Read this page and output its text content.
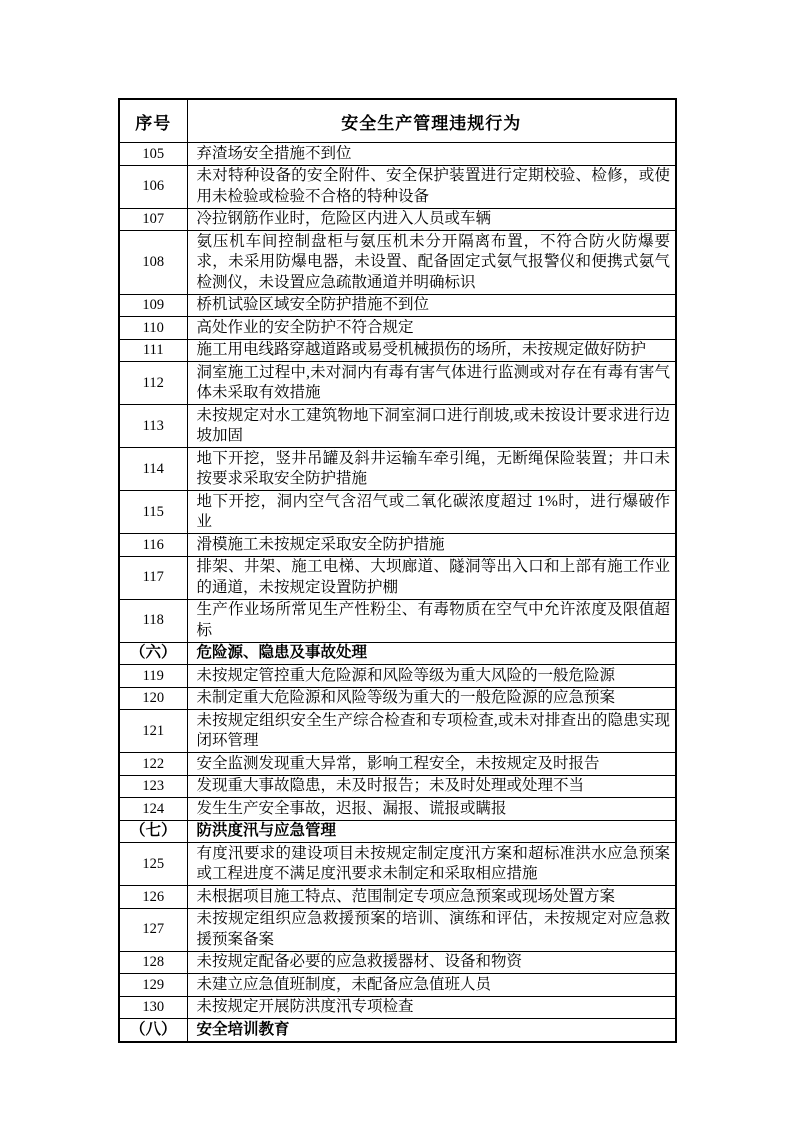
序号	安全生产管理违规行为
105	弃渣场安全措施不到位
106	未对特种设备的安全附件、安全保护装置进行定期校验、检修，或使用未检验或检验不合格的特种设备
107	冷拉钢筋作业时，危险区内进入人员或车辆
108	氨压机车间控制盘柜与氨压机未分开隔离布置，不符合防火防爆要求，未采用防爆电器，未设置、配备固定式氨气报警仪和便携式氨气检测仪，未设置应急疏散通道并明确标识
109	桥机试验区域安全防护措施不到位
110	高处作业的安全防护不符合规定
111	施工用电线路穿越道路或易受机械损伤的场所，未按规定做好防护
112	洞室施工过程中,未对洞内有毒有害气体进行监测或对存在有毒有害气体未采取有效措施
113	未按规定对水工建筑物地下洞室洞口进行削坡,或未按设计要求进行边坡加固
114	地下开挖，竖井吊罐及斜井运输车牵引绳，无断绳保险装置；井口未按要求采取安全防护措施
115	地下开挖，洞内空气含沼气或二氧化碳浓度超过 1%时，进行爆破作业
116	滑模施工未按规定采取安全防护措施
117	排架、井架、施工电梯、大坝廊道、隧洞等出入口和上部有施工作业的通道，未按规定设置防护棚
118	生产作业场所常见生产性粉尘、有毒物质在空气中允许浓度及限值超标
（六）	危险源、隐患及事故处理
119	未按规定管控重大危险源和风险等级为重大风险的一般危险源
120	未制定重大危险源和风险等级为重大的一般危险源的应急预案
121	未按规定组织安全生产综合检查和专项检查,或未对排查出的隐患实现闭环管理
122	安全监测发现重大异常，影响工程安全，未按规定及时报告
123	发现重大事故隐患，未及时报告；未及时处理或处理不当
124	发生生产安全事故，迟报、漏报、谎报或瞒报
（七）	防洪度汛与应急管理
125	有度汛要求的建设项目未按规定制定度汛方案和超标准洪水应急预案或工程进度不满足度汛要求未制定和采取相应措施
126	未根据项目施工特点、范围制定专项应急预案或现场处置方案
127	未按规定组织应急救援预案的培训、演练和评估，未按规定对应急救援预案备案
128	未按规定配备必要的应急救援器材、设备和物资
129	未建立应急值班制度，未配备应急值班人员
130	未按规定开展防洪度汛专项检查
（八）	安全培训教育
